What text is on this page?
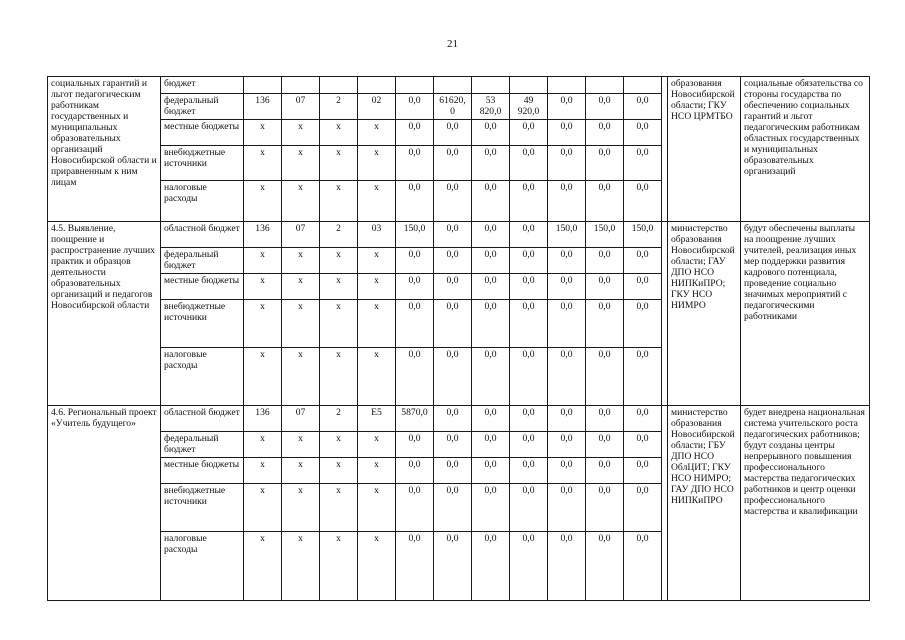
21
социальных гарантий и льгот педагогическим работникам государственных и муниципальных образовательных организаций Новосибирской области и приравненным к ним лицам	бюджет													образования Новосибирской области; ГКУ НСО ЦРМТБО	социальные обязательства со стороны государства по обеспечению социальных гарантий и льгот педагогическим работникам областных государственных и муниципальных образовательных организаций
	федеральный бюджет	136	07	2	02	0,0	61620,0	53 820,0	49 920,0	0,0	0,0	0,0			
	местные бюджеты	x	x	x	x	0,0	0,0	0,0	0,0	0,0	0,0	0,0			
	внебюджетные источники	x	x	x	x	0,0	0,0	0,0	0,0	0,0	0,0	0,0			
	налоговые расходы	x	x	x	x	0,0	0,0	0,0	0,0	0,0	0,0	0,0			
4.5. Выявление, поощрение и распространение лучших практик и образцов деятельности образовательных организаций и педагогов Новосибирской области	областной бюджет	136	07	2	03	150,0	0,0	0,0	0,0	150,0	150,0	150,0		министерство образования Новосибирской области; ГАУ ДПО НСО НИПКиПРО; ГКУ НСО НИМРО	будут обеспечены выплаты на поощрение лучших учителей, реализация иных мер поддержки развития кадрового потенциала, проведение социально значимых мероприятий с педагогическими работниками
	федеральный бюджет	x	x	x	x	0,0	0,0	0,0	0,0	0,0	0,0	0,0			
	местные бюджеты	x	x	x	x	0,0	0,0	0,0	0,0	0,0	0,0	0,0			
	внебюджетные источники	x	x	x	x	0,0	0,0	0,0	0,0	0,0	0,0	0,0			
	налоговые расходы	x	x	x	x	0,0	0,0	0,0	0,0	0,0	0,0	0,0			
4.6. Региональный проект «Учитель будущего»	областной бюджет	136	07	2	E5	5870,0	0,0	0,0	0,0	0,0	0,0	0,0		министерство образования Новосибирской области; ГБУ ДПО НСО ОблЦИТ; ГКУ НСО НИМРО; ГАУ ДПО НСО НИПКиПРО	будет внедрена национальная система учительского роста педагогических работников; будут созданы центры непрерывного повышения профессионального мастерства педагогических работников и центр оценки профессионального мастерства и квалификации
	федеральный бюджет	x	x	x	x	0,0	0,0	0,0	0,0	0,0	0,0	0,0			
	местные бюджеты	x	x	x	x	0,0	0,0	0,0	0,0	0,0	0,0	0,0			
	внебюджетные источники	x	x	x	x	0,0	0,0	0,0	0,0	0,0	0,0	0,0			
	налоговые расходы	x	x	x	x	0,0	0,0	0,0	0,0	0,0	0,0	0,0			
